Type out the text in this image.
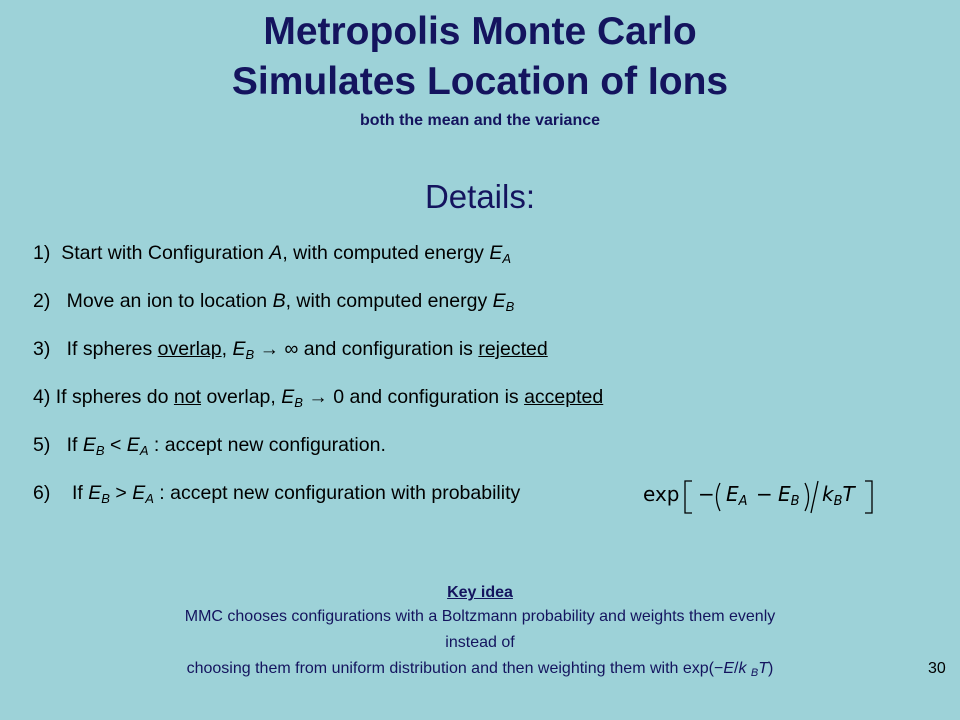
Metropolis Monte Carlo
Simulates Location of Ions
both the mean and the variance
Details:
1) Start with Configuration A, with computed energy $E_A$
2) Move an ion to location B, with computed energy $E_B$
3) If spheres overlap, $E_B$ → ∞ and configuration is rejected
4) If spheres do not overlap, $E_B \to 0$ and configuration is accepted
5) If $E_B < E_A$ : accept new configuration.
6) If $E_B > E_A$ : accept new configuration with probability	$\exp - E_A - E_B$ $k_BT$
Key idea
MMC chooses configurations with a Boltzmann probability and weights them evenly
instead of
choosing them from uniform distribution and then weighting them with exp(−E/k $_B$T)	30
